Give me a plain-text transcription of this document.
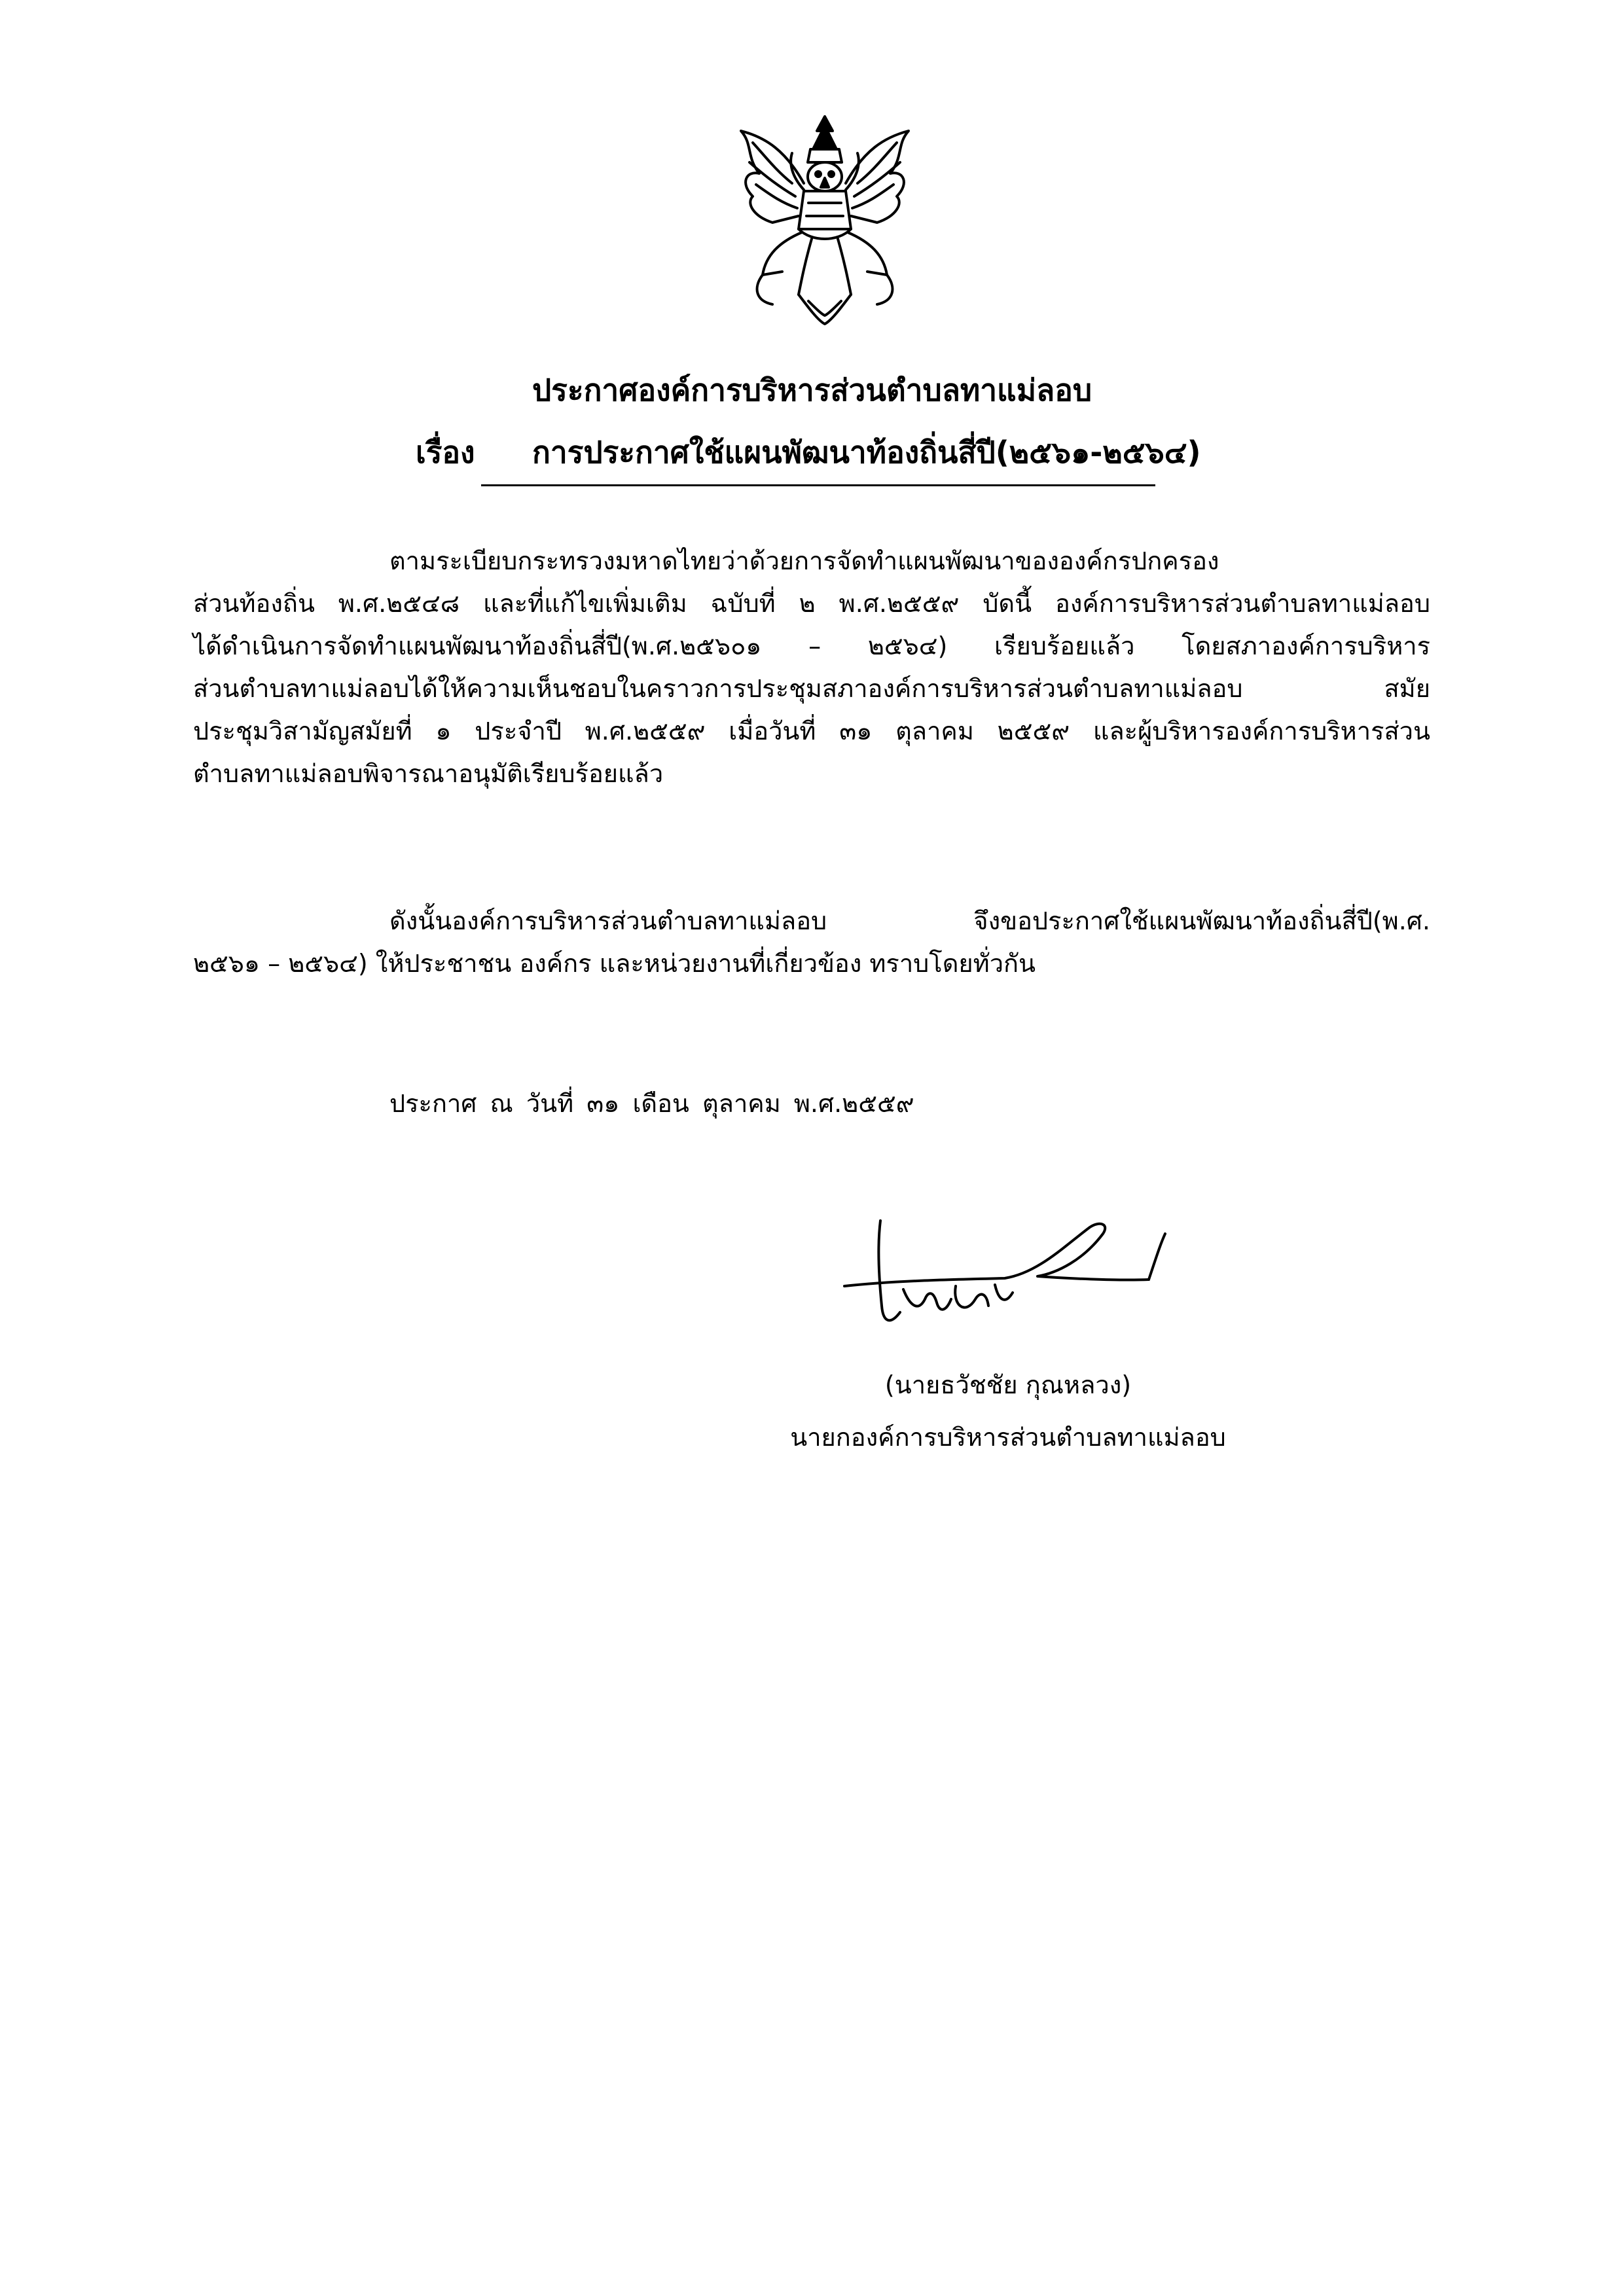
ประกาศองค์การบริหารส่วนตำบลทาแม่ลอบ
เรื่อง การประกาศใช้แผนพัฒนาท้องถิ่นสี่ปี(๒๕๖๑-๒๕๖๔)
ตามระเบียบกระทรวงมหาดไทยว่าด้วยการจัดทำแผนพัฒนาขององค์กรปกครอง
ส่วนท้องถิ่น พ.ศ.๒๕๔๘ และที่แก้ไขเพิ่มเติม ฉบับที่ ๒ พ.ศ.๒๕๕๙ บัดนี้ องค์การบริหารส่วนตำบลทาแม่ลอบ
ได้ดำเนินการจัดทำแผนพัฒนาท้องถิ่นสี่ปี(พ.ศ.๒๕๖๐๑ – ๒๕๖๔) เรียบร้อยแล้ว โดยสภาองค์การบริหาร
ส่วนตำบลทาแม่ลอบได้ให้ความเห็นชอบในคราวการประชุมสภาองค์การบริหารส่วนตำบลทาแม่ลอบ สมัย
ประชุมวิสามัญสมัยที่ ๑ ประจำปี พ.ศ.๒๕๕๙ เมื่อวันที่ ๓๑ ตุลาคม ๒๕๕๙ และผู้บริหารองค์การบริหารส่วน
ตำบลทาแม่ลอบพิจารณาอนุมัติเรียบร้อยแล้ว
ดังนั้นองค์การบริหารส่วนตำบลทาแม่ลอบ จึงขอประกาศใช้แผนพัฒนาท้องถิ่นสี่ปี(พ.ศ.
๒๕๖๑ – ๒๕๖๔) ให้ประชาชน องค์กร และหน่วยงานที่เกี่ยวข้อง ทราบโดยทั่วกัน
ประกาศ ณ วันที่ ๓๑ เดือน ตุลาคม พ.ศ.๒๕๕๙
(นายธวัชชัย กุณหลวง)
นายกองค์การบริหารส่วนตำบลทาแม่ลอบ
